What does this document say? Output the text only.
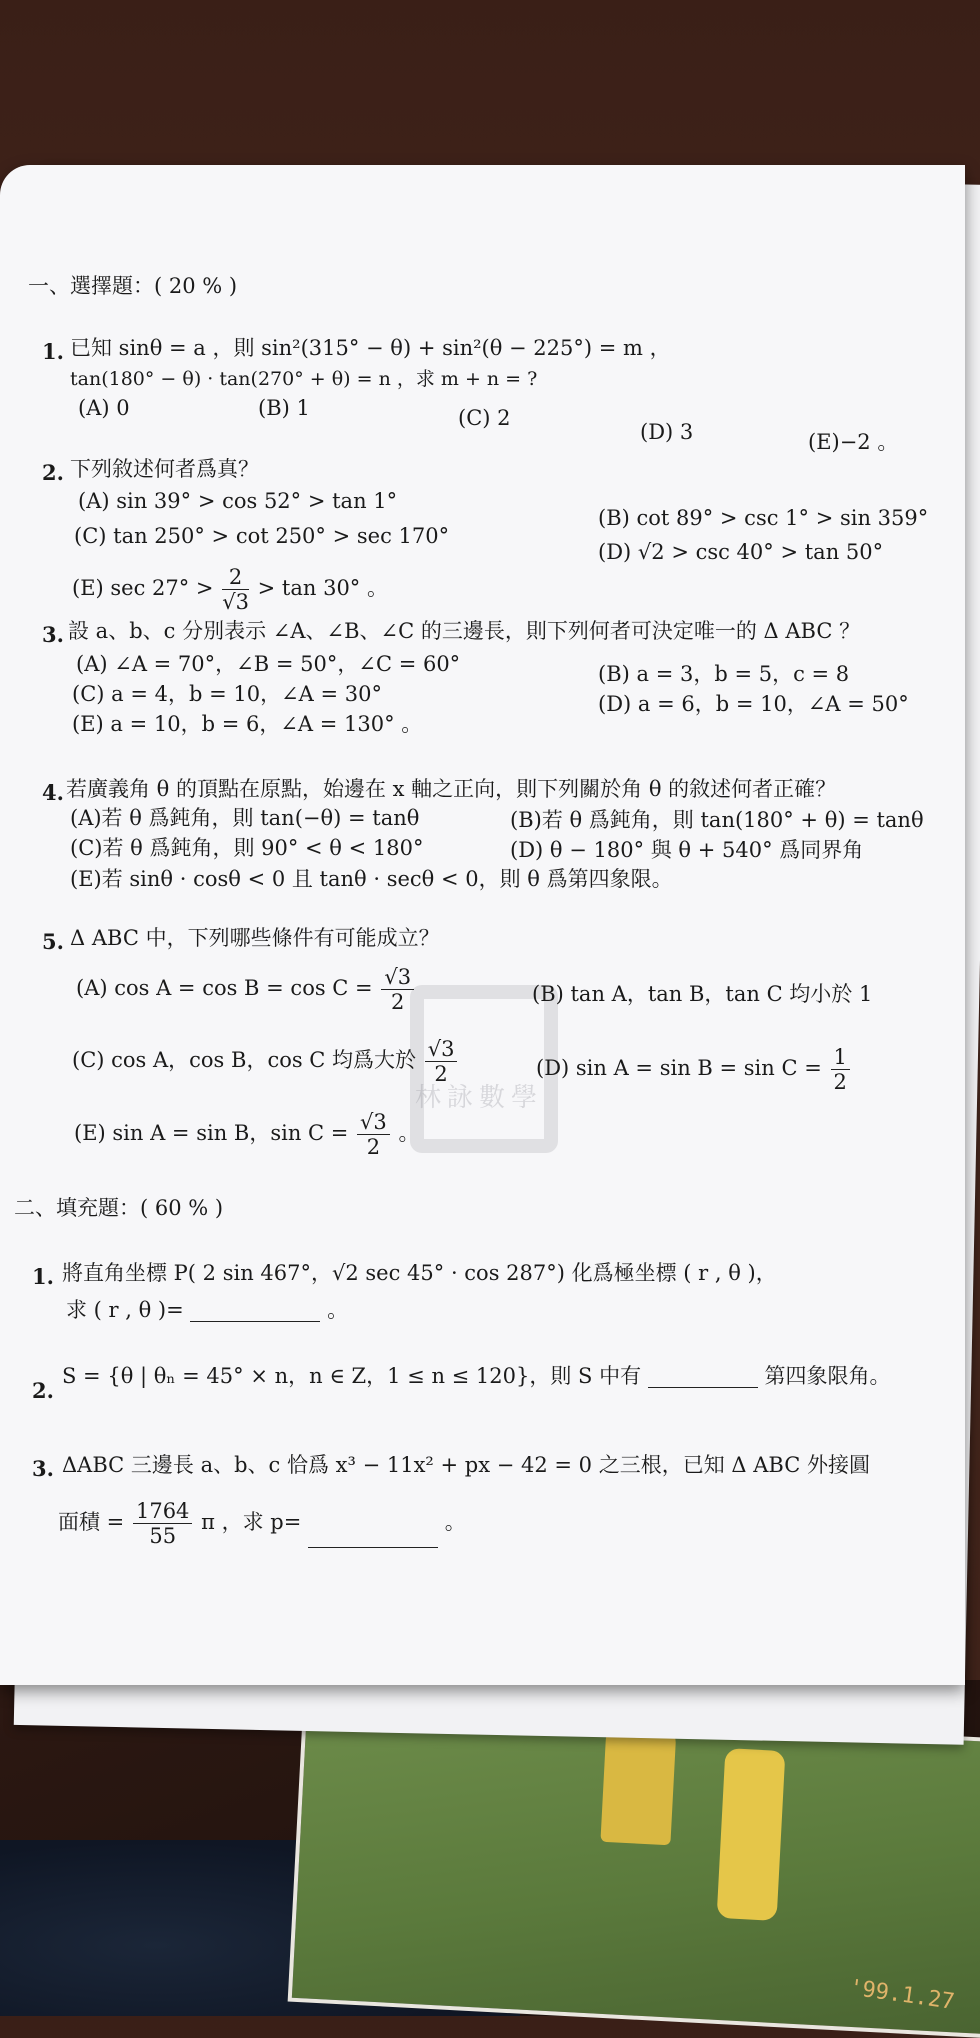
'99.1.27
林詠數學
一、選擇題：( 20 % )
1. 已知 sinθ = a ，則 sin²(315° − θ) + sin²(θ − 225°) = m ，
tan(180° − θ) · tan(270° + θ) = n ，求 m + n = ?
(A) 0	(B) 1	(C) 2
(D) 3	(E)−2 。
2. 下列敘述何者爲真？
(A) sin 39° > cos 52° > tan 1°
(B) cot 89° > csc 1° > sin 359°
(C) tan 250° > cot 250° > sec 170°
(D) √2 > csc 40° > tan 50°
(E) $\sec 27^\circ > \frac{2}{√3} > \tan 30^\circ$ 。
3. 設 a、b、c 分別表示 ∠A、∠B、∠C 的三邊長，則下列何者可決定唯一的 Δ ABC ？
(A) ∠A = 70°，∠B = 50°，∠C = 60°	(B) a = 3，b = 5，c = 8
(C) a = 4，b = 10，∠A = 30°	(D) a = 6，b = 10，∠A = 50°
(E) a = 10，b = 6，∠A = 130° 。
4. 若廣義角 θ 的頂點在原點，始邊在 x 軸之正向，則下列關於角 θ 的敘述何者正確？
(A)若 θ 爲鈍角，則 tan(−θ) = tanθ	(B)若 θ 爲鈍角，則 tan(180° + θ) = tanθ
(C)若 θ 爲鈍角，則 90° < θ < 180°	(D) θ − 180° 與 θ + 540° 爲同界角
(E)若 sinθ · cosθ < 0 且 tanθ · secθ < 0，則 θ 爲第四象限。
5. Δ ABC 中，下列哪些條件有可能成立？
(A) $\cos A = \cos B = \cos C = \frac{√3}{2}$	(B) tan A，tan B，tan C 均小於 1
(C) cos A，cos B，cos C 均爲大於 $\frac{√3}{2}$	(D) $\sin A = \sin B = \sin C = \frac{1}{2}$
(E) sin A = sin B，$\sin C = \frac{√3}{2}$ 。
二、填充題：( 60 % )
1. 將直角坐標 P( 2 sin 467°，√2 sec 45° · cos 287°) 化爲極坐標 ( r , θ )，
求 ( r , θ )=	。
2.
S = {θ | θₙ = 45° × n，n ∈ Z，1 ≤ n ≤ 120}，則 S 中有	第四象限角。
3. ΔABC 三邊長 a、b、c 恰爲 x³ − 11x² + px − 42 = 0 之三根，已知 Δ ABC 外接圓
面積 = $\frac{1764}{55}$ π ，求 p=	。
